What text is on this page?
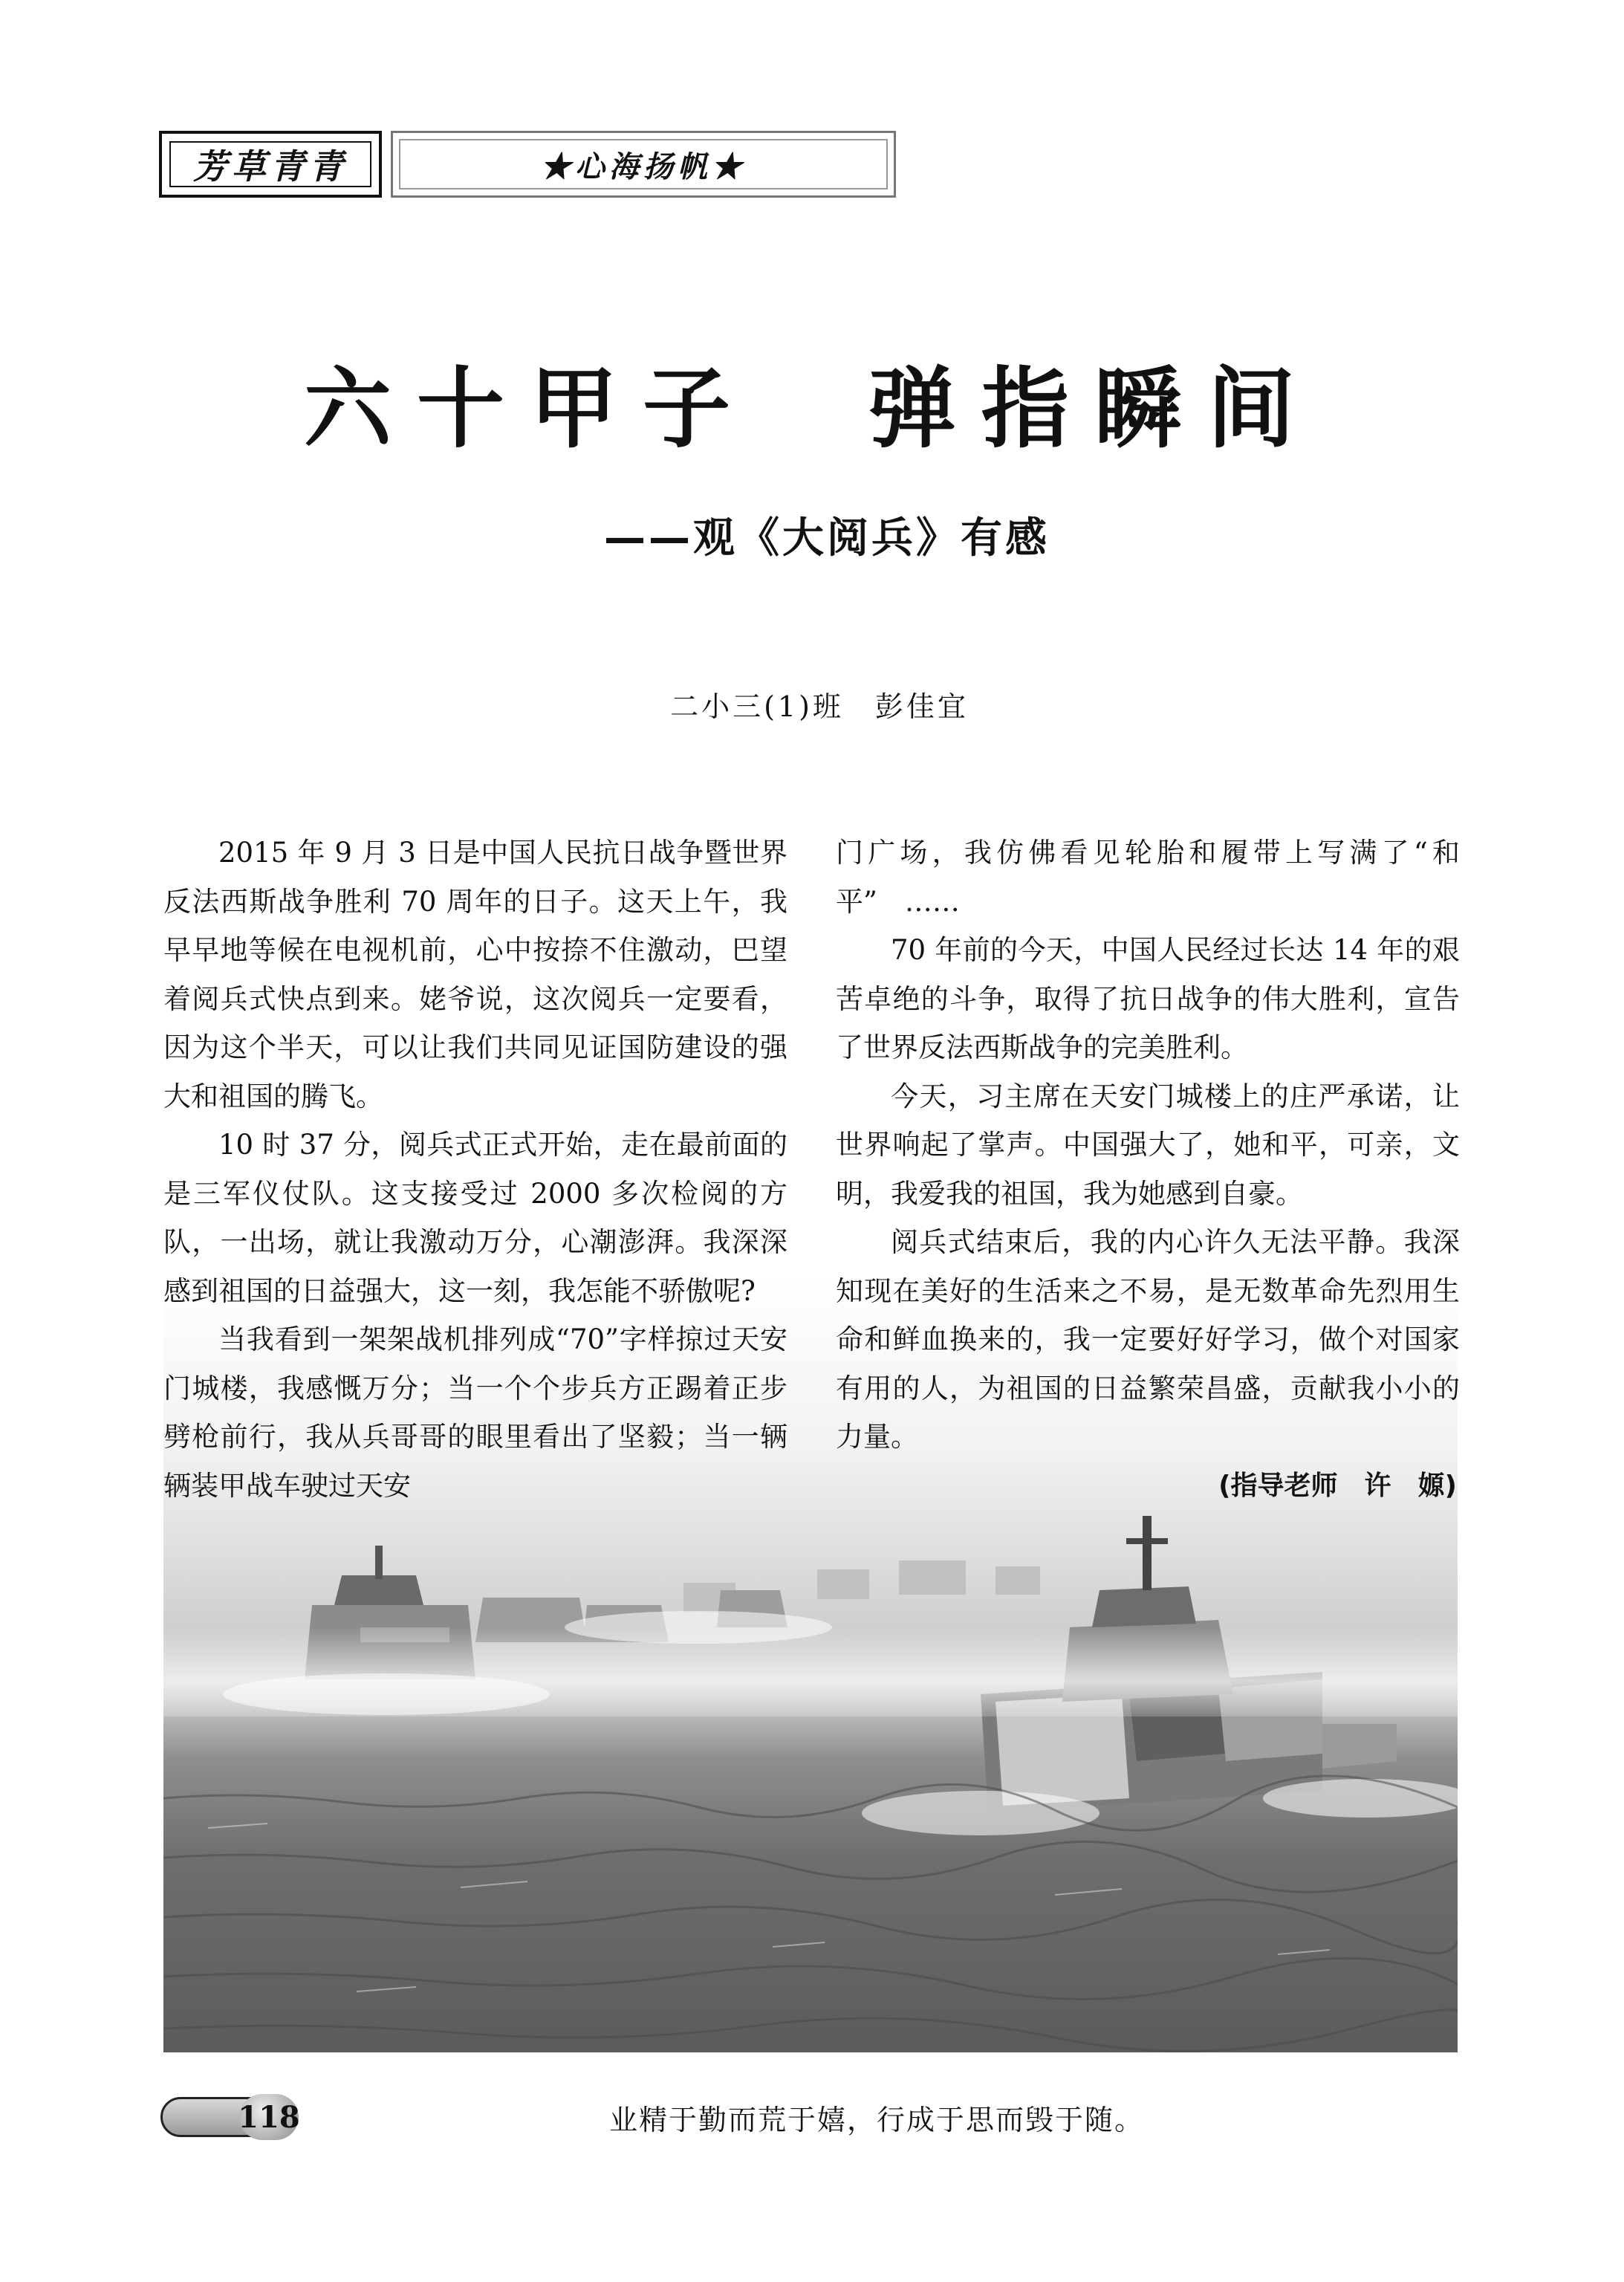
芳草青青	★心海扬帆★
六十甲子　弹指瞬间
——观《大阅兵》有感
二小三(1)班　彭佳宜

2015 年 9 月 3 日是中国人民抗日战争暨世界反法西斯战争胜利 70 周年的日子。这天上午，我早早地等候在电视机前，心中按捺不住激动，巴望着阅兵式快点到来。姥爷说，这次阅兵一定要看，因为这个半天，可以让我们共同见证国防建设的强大和祖国的腾飞。

10 时 37 分，阅兵式正式开始，走在最前面的是三军仪仗队。这支接受过 2000 多次检阅的方队，一出场，就让我激动万分，心潮澎湃。我深深感到祖国的日益强大，这一刻，我怎能不骄傲呢?

当我看到一架架战机排列成“70”字样掠过天安门城楼，我感慨万分；当一个个步兵方正踢着正步劈枪前行，我从兵哥哥的眼里看出了坚毅；当一辆辆装甲战车驶过天安

门广场，我仿佛看见轮胎和履带上写满了“和平”　……

70 年前的今天，中国人民经过长达 14 年的艰苦卓绝的斗争，取得了抗日战争的伟大胜利，宣告了世界反法西斯战争的完美胜利。

今天，习主席在天安门城楼上的庄严承诺，让世界响起了掌声。中国强大了，她和平，可亲，文明，我爱我的祖国，我为她感到自豪。

阅兵式结束后，我的内心许久无法平静。我深知现在美好的生活来之不易，是无数革命先烈用生命和鲜血换来的，我一定要好好学习，做个对国家有用的人，为祖国的日益繁荣昌盛，贡献我小小的力量。

(指导老师　许　嫄)
118	业精于勤而荒于嬉，行成于思而毁于随。
